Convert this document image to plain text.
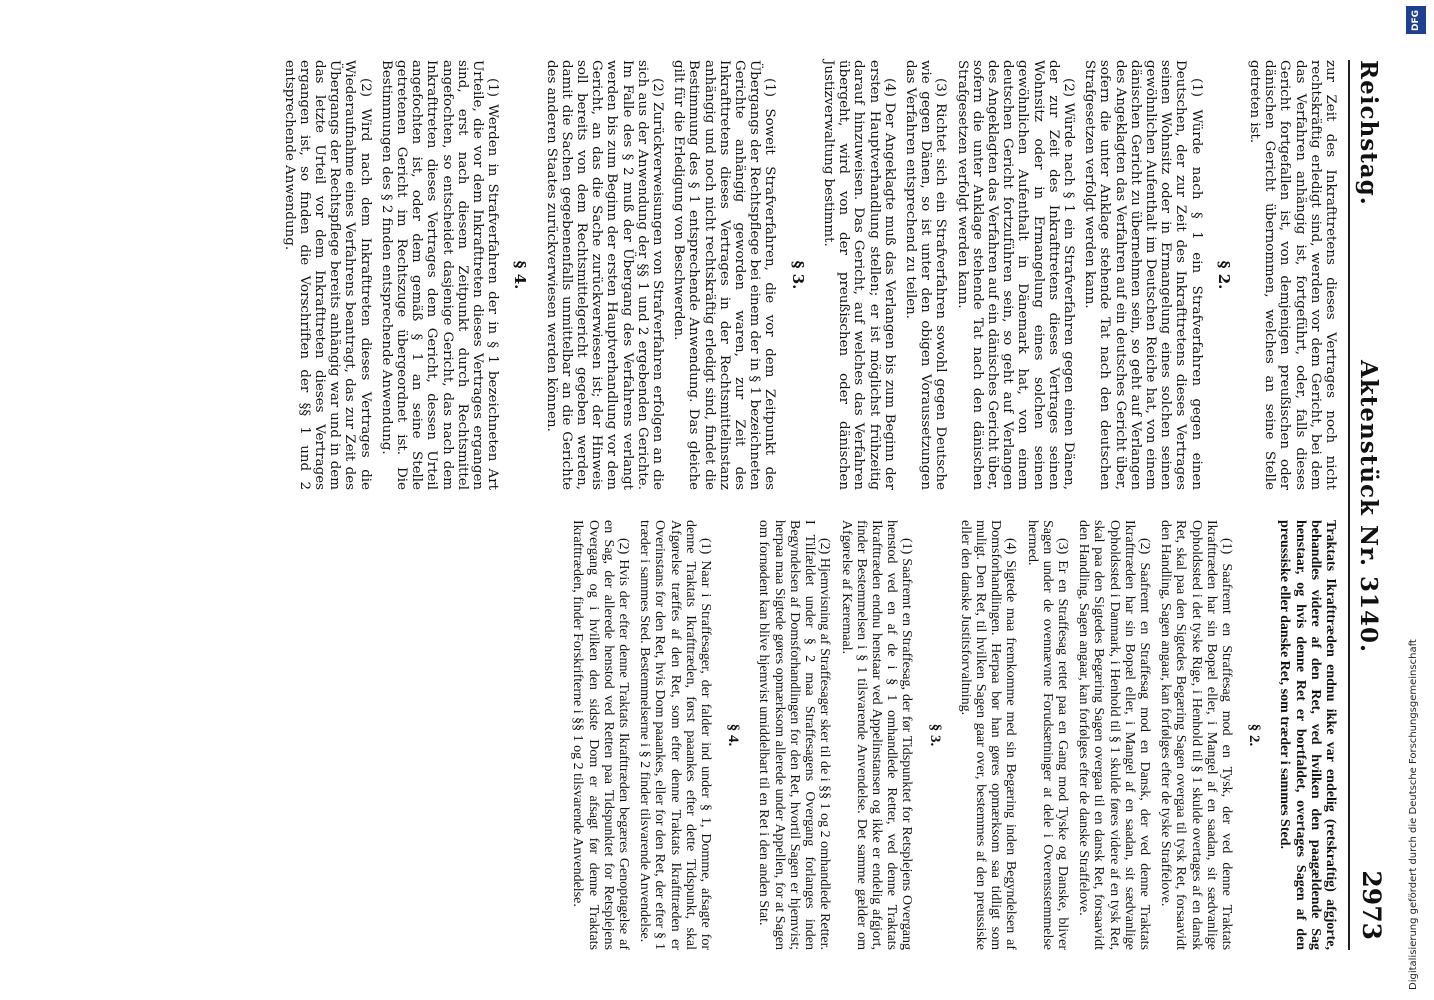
Reichstag.
Aktenstück Nr. 3140.
2973

zur Zeit des Inkrafttretens dieses Vertrages noch nicht rechtskräftig erledigt sind, werden vor dem Gericht, bei dem das Verfahren anhängig ist, fortgeführt, oder, falls dieses Gericht fortgefallen ist, von demjenigen preußischen oder dänischen Gericht übernommen, welches an seine Stelle getreten ist.

§ 2.

(1) Würde nach § 1 ein Strafverfahren gegen einen Deutschen, der zur Zeit des Inkrafttretens dieses Vertrages seinen Wohnsitz oder in Ermangelung eines solchen seinen gewöhnlichen Aufenthalt im Deutschen Reiche hat, von einem dänischen Gericht zu übernehmen sein, so geht auf Verlangen des Angeklagten das Verfahren auf ein deutsches Gericht über, sofern die unter Anklage stehende Tat nach den deutschen Strafgesetzen verfolgt werden kann.

(2) Würde nach § 1 ein Strafverfahren gegen einen Dänen, der zur Zeit des Inkrafttretens dieses Vertrages seinen Wohnsitz oder in Ermangelung eines solchen seinen gewöhnlichen Aufenthalt in Dänemark hat, von einem deutschen Gericht fortzuführen sein, so geht auf Verlangen des Angeklagten das Verfahren auf ein dänisches Gericht über, sofern die unter Anklage stehende Tat nach den dänischen Strafgesetzen verfolgt werden kann.

(3) Richtet sich ein Strafverfahren sowohl gegen Deutsche wie gegen Dänen, so ist unter den obigen Voraussetzungen das Verfahren entsprechend zu teilen.

(4) Der Angeklagte muß das Verlangen bis zum Beginn der ersten Hauptverhandlung stellen; er ist möglichst frühzeitig darauf hinzuweisen. Das Gericht, auf welches das Verfahren übergeht, wird von der preußischen oder dänischen Justizverwaltung bestimmt.

§ 3.

(1) Soweit Strafverfahren, die vor dem Zeitpunkt des Übergangs der Rechtspflege bei einem der in § 1 bezeichneten Gerichte anhängig geworden waren, zur Zeit des Inkrafttretens dieses Vertrages in der Rechtsmittelinstanz anhängig und noch nicht rechtskräftig erledigt sind, findet die Bestimmung des § 1 entsprechende Anwendung. Das gleiche gilt für die Erledigung von Beschwerden.

(2) Zurückverweisungen von Strafverfahren erfolgen an die sich aus der Anwendung der §§ 1 und 2 ergebenden Gerichte. Im Falle des § 2 muß der Übergang des Verfahrens verlangt werden bis zum Beginn der ersten Hauptverhandlung vor dem Gericht, an das die Sache zurückverwiesen ist; der Hinweis soll bereits von dem Rechtsmittelgericht gegeben werden, damit die Sachen gegebenenfalls unmittelbar an die Gerichte des anderen Staates zurückverwiesen werden können.

§ 4.

(1) Werden in Strafverfahren der in § 1 bezeichneten Art Urteile, die vor dem Inkrafttreten dieses Vertrages ergangen sind, erst nach diesem Zeitpunkt durch Rechtsmittel angefochten, so entscheidet dasjenige Gericht, das nach dem Inkrafttreten dieses Vertrages dem Gericht, dessen Urteil angefochten ist, oder dem gemäß § 1 an seine Stelle getretenen Gericht im Rechtszuge übergeordnet ist. Die Bestimmungen des § 2 finden entsprechende Anwendung.

(2) Wird nach dem Inkrafttreten dieses Vertrages die Wiederaufnahme eines Verfahrens beantragt, das zur Zeit des Übergangs der Rechtspflege bereits anhängig war und in dem das letzte Urteil vor dem Inkrafttreten dieses Vertrages ergangen ist, so finden die Vorschriften der §§ 1 und 2 entsprechende Anwendung.

Traktats Ikrafttræden endnu ikke var endelig (retskraftig) afgjorte, behandles videre af den Ret, ved hvilken den paagældende Sag henstaar, og hvis denne Ret er bortfaldet, overtages Sagen af den preussiske eller danske Ret, som træder i sammes Sted.

§ 2.

(1) Saafremt en Straffesag mod en Tysk, der ved denne Traktats Ikrafttræden har sin Bopæl eller, i Mangel af en saadan, sit sædvanlige Opholdssted i det tyske Rige, i Henhold til § 1 skulde overtages af en dansk Ret, skal paa den Sigtedes Begæring Sagen overgaa til tysk Ret, forsaavidt den Handling, Sagen angaar, kan forfølges efter de tyske Straffelove.

(2) Saafremt en Straffesag mod en Dansk, der ved denne Traktats Ikrafttræden har sin Bopæl eller, i Mangel af en saadan, sit sædvanlige Opholdssted i Danmark, i Henhold til § 1 skulde føres videre af en tysk Ret, skal paa den Sigtedes Begæring Sagen overgaa til en dansk Ret, forsaavidt den Handling, Sagen angaar, kan forfølges efter de danske Straffelove.

(3) Er en Straffesag rettet paa en Gang mod Tyske og Danske, bliver Sagen under de ovennævnte Forudsætninger at dele i Overensstemmelse hermed.

(4) Sigtede maa fremkomme med sin Begæring inden Begyndelsen af Domsforhandlingen. Herpaa bør han gøres opmærksom saa tidligt som muligt. Den Ret, til hvilken Sagen gaar over, bestemmes af den preussiske eller den danske Justitsforvaltning.

§ 3.

(1) Saafremt en Straffesag, der før Tidspunktet for Retsplejens Overgang henstod ved en af de i § 1 omhandlede Retter, ved denne Traktats Ikrafttræden endnu henstaar ved Appelinstansen og ikke er endelig afgjort, finder Bestemmelsen i § 1 tilsvarende Anvendelse. Det samme gælder om Afgørelse af Kæremaal.

(2) Hjemvisning af Straffesager sker til de i §§ 1 og 2 omhandlede Retter. I Tilfældet under § 2 maa Straffesagens Overgang forlanges inden Begyndelsen af Domsforhandlingen for den Ret, hvortil Sagen er hjemvist; herpaa maa Sigtede gøres opmærksom allerede under Appellen, for at Sagen om fornødent kan blive hjemvist umiddelbart til en Ret i den anden Stat.

§ 4.

(1) Naar i Straffesager, der falder ind under § 1, Domme, afsagte for denne Traktats Ikrafttræden, først paaankes efter dette Tidspunkt, skal Afgørelse træffes af den Ret, som efter denne Traktats Ikrafttræden er Overinstans for den Ret, hvis Dom paaankes, eller for den Ret, der efter § 1 træder i sammes Sted. Bestemmelserne i § 2 finder tilsvarende Anvendelse.

(2) Hvis der efter denne Traktats Ikrafttræden begæres Genoptagelse af en Sag, der allerede henstod ved Retten paa Tidspunktet for Retsplejens Overgang og i hvilken den sidste Dom er afsagt før denne Traktats Ikrafttræden, finder Forskrifterne i §§ 1 og 2 tilsvarende Anvendelse.

DFG
Digitalisierung gefördert durch die Deutsche Forschungsgemeinschaft
